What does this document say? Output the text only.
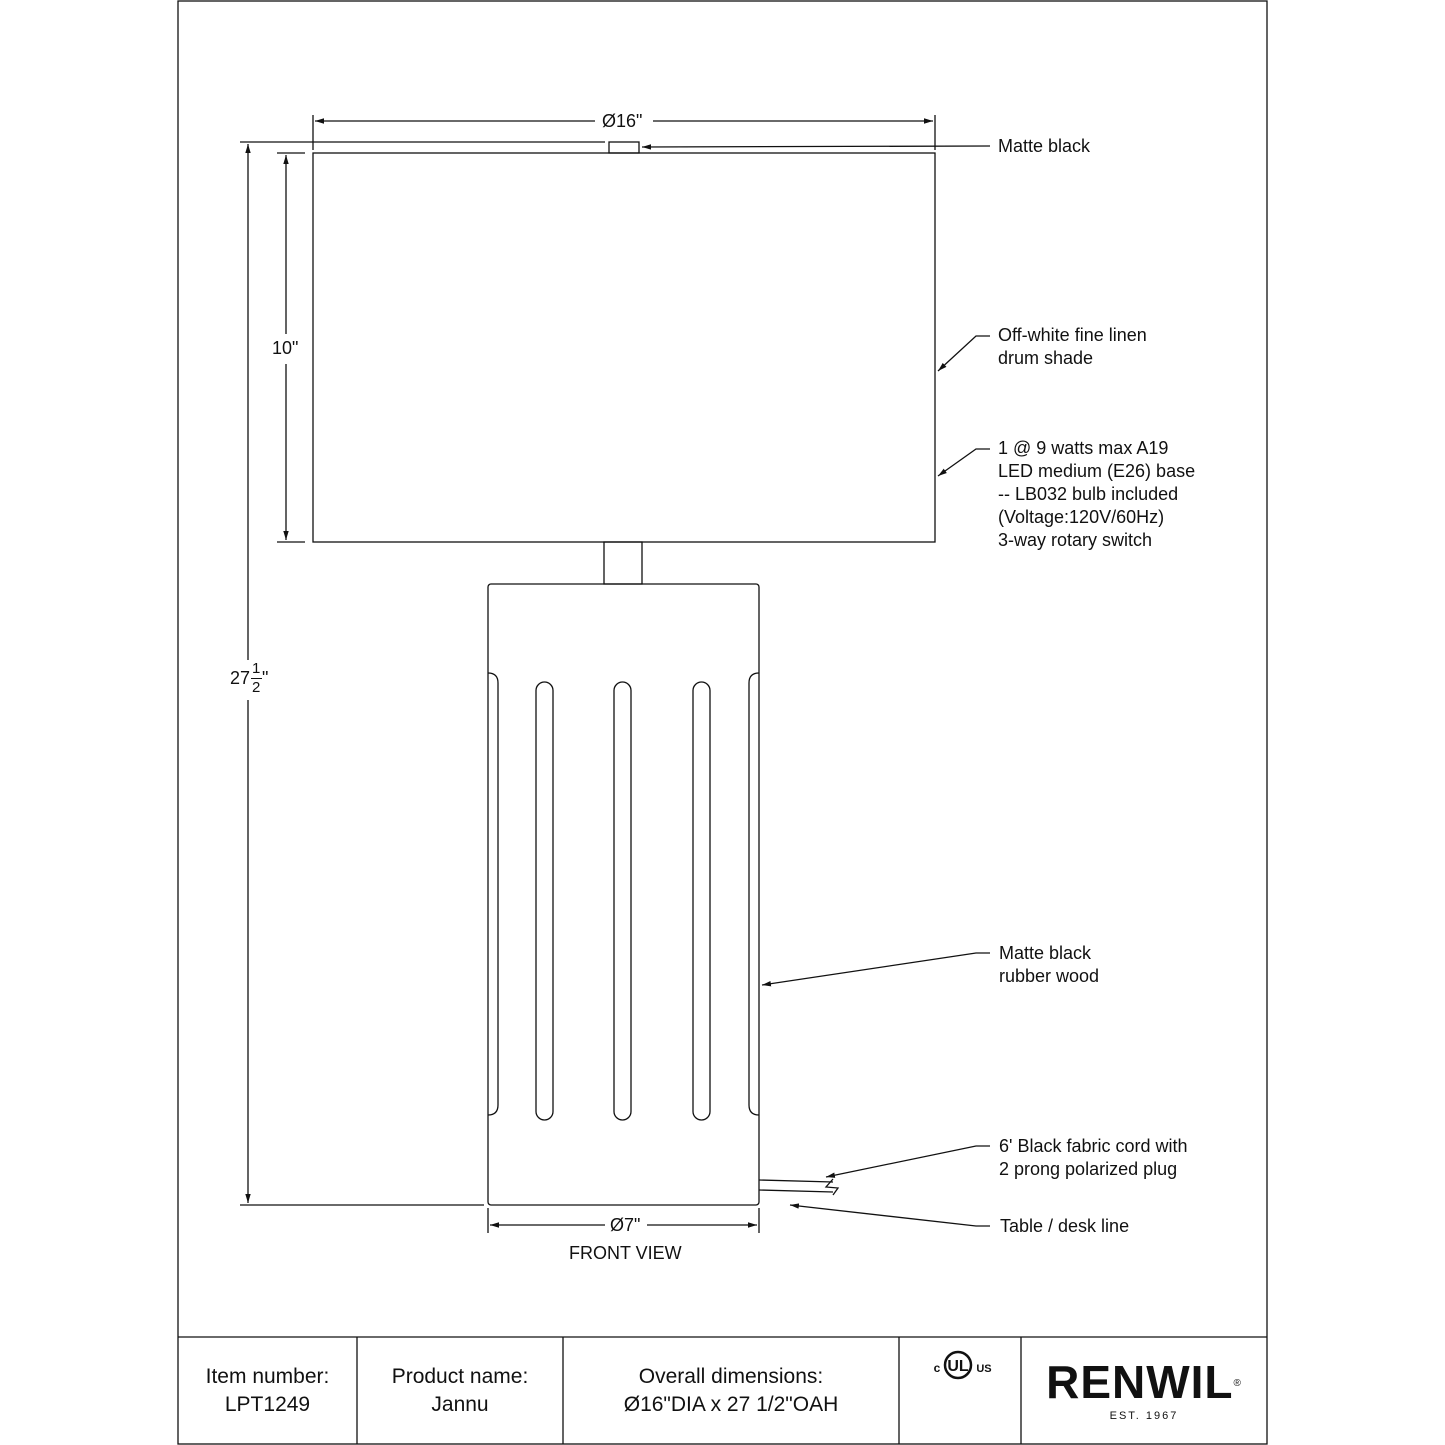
UL
c	US
Ø16"
10"
27 1
2 "
Ø7"
FRONT VIEW
Matte black
Off-white fine linen
drum shade
1 @ 9 watts max A19
LED medium (E26) base
-- LB032 bulb included
(Voltage:120V/60Hz)
3-way rotary switch
Matte black
rubber wood
6' Black fabric cord with
2 prong polarized plug
Table / desk line
Item number:
LPT1249
Product name:
Jannu
Overall dimensions:
Ø16"DIA x 27 1/2"OAH	RENWIL®
EST. 1967
